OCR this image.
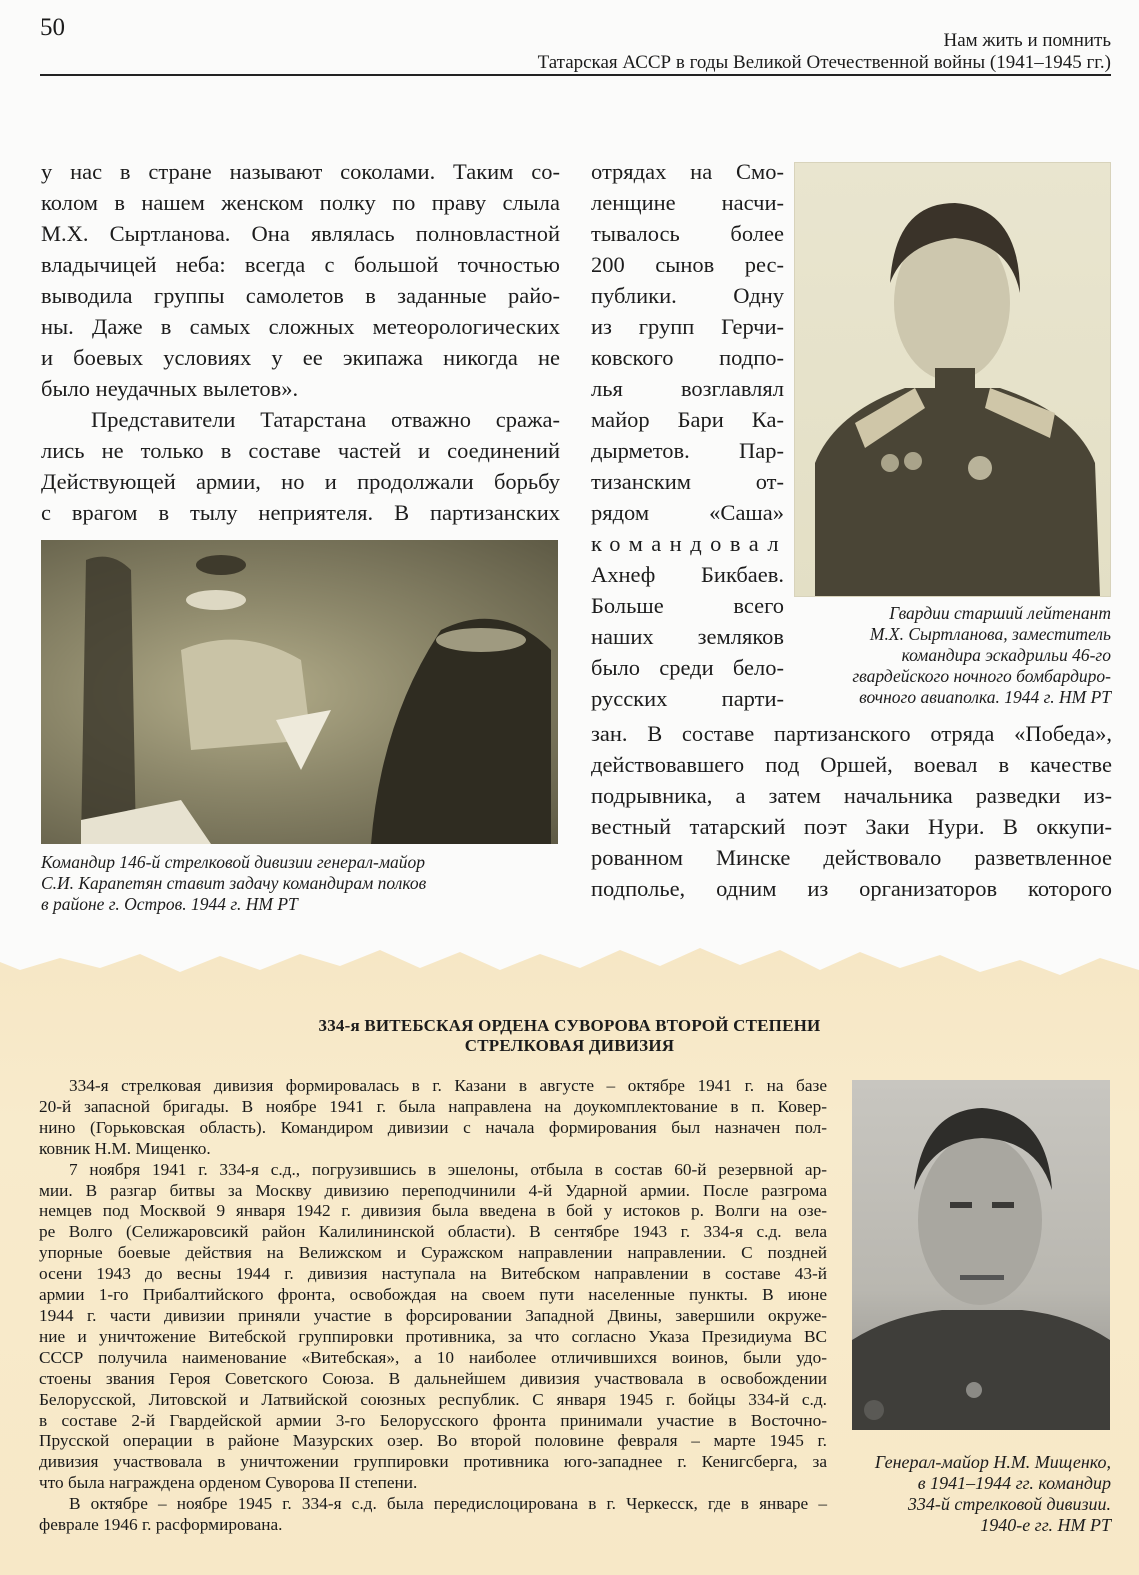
50	Нам жить и помнить
Татарская АССР в годы Великой Отечественной войны (1941–1945 гг.)
у нас в стране называют соколами. Таким со-
колом в нашем женском полку по праву слыла
М.Х. Сыртланова. Она являлась полновластной
владычицей неба: всегда с большой точностью
выводила группы самолетов в заданные райо-
ны. Даже в самых сложных метеорологических
и боевых условиях у ее экипажа никогда не
было неудачных вылетов».
Представители Татарстана отважно сража-
лись не только в составе частей и соединений
Действующей армии, но и продолжали борьбу
с врагом в тылу неприятеля. В партизанских
отрядах на Смо-
ленщине насчи-
тывалось более
200 сынов рес-
публики. Одну
из групп Герчи-
ковского подпо-
лья возглавлял
майор Бари Ка-
дырметов. Пар-
тизанским от-
рядом «Саша»
командовал
Ахнеф Бикбаев.
Больше всего
наших земляков
было среди бело-
русских парти-
зан. В составе партизанского отряда «Победа»,
действовавшего под Оршей, воевал в качестве
подрывника, а затем начальника разведки из-
вестный татарский поэт Заки Нури. В оккупи-
рованном Минске действовало разветвленное
подполье, одним из организаторов которого
Гвардии старший лейтенант
М.Х. Сыртланова, заместитель
командира эскадрильи 46-го
гвардейского ночного бомбардиро-
вочного авиаполка. 1944 г. НМ РТ
Командир 146-й стрелковой дивизии генерал-майор
С.И. Карапетян ставит задачу командирам полков
в районе г. Остров. 1944 г. НМ РТ
334-я ВИТЕБСКАЯ ОРДЕНА СУВОРОВА ВТОРОЙ СТЕПЕНИ
СТРЕЛКОВАЯ ДИВИЗИЯ
334-я стрелковая дивизия формировалась в г. Казани в августе – октябре 1941 г. на базе
20-й запасной бригады. В ноябре 1941 г. была направлена на доукомплектование в п. Ковер-
нино (Горьковская область). Командиром дивизии с начала формирования был назначен пол-
ковник Н.М. Мищенко.
7 ноября 1941 г. 334-я с.д., погрузившись в эшелоны, отбыла в состав 60-й резервной ар-
мии. В разгар битвы за Москву дивизию переподчинили 4-й Ударной армии. После разгрома
немцев под Москвой 9 января 1942 г. дивизия была введена в бой у истоков р. Волги на озе-
ре Волго (Селижаровсикй район Калилининской области). В сентябре 1943 г. 334-я с.д. вела
упорные боевые действия на Велижском и Суражском направлении направлении. С поздней
осени 1943 до весны 1944 г. дивизия наступала на Витебском направлении в составе 43-й
армии 1-го Прибалтийского фронта, освобождая на своем пути населенные пункты. В июне
1944 г. части дивизии приняли участие в форсировании Западной Двины, завершили окруже-
ние и уничтожение Витебской группировки противника, за что согласно Указа Президиума ВС
СССР получила наименование «Витебская», а 10 наиболее отличившихся воинов, были удо-
стоены звания Героя Советского Союза. В дальнейшем дивизия участвовала в освобождении
Белорусской, Литовской и Латвийской союзных республик. С января 1945 г. бойцы 334-й с.д.
в составе 2-й Гвардейской армии 3-го Белорусского фронта принимали участие в Восточно-
Прусской операции в районе Мазурских озер. Во второй половине февраля – марте 1945 г.
дивизия участвовала в уничтожении группировки противника юго-западнее г. Кенигсберга, за
что была награждена орденом Суворова II степени.
В октябре – ноябре 1945 г. 334-я с.д. была передислоцирована в г. Черкесск, где в январе –
феврале 1946 г. расформирована.
Генерал-майор Н.М. Мищенко,
в 1941–1944 гг. командир
334-й стрелковой дивизии.
1940-е гг. НМ РТ
